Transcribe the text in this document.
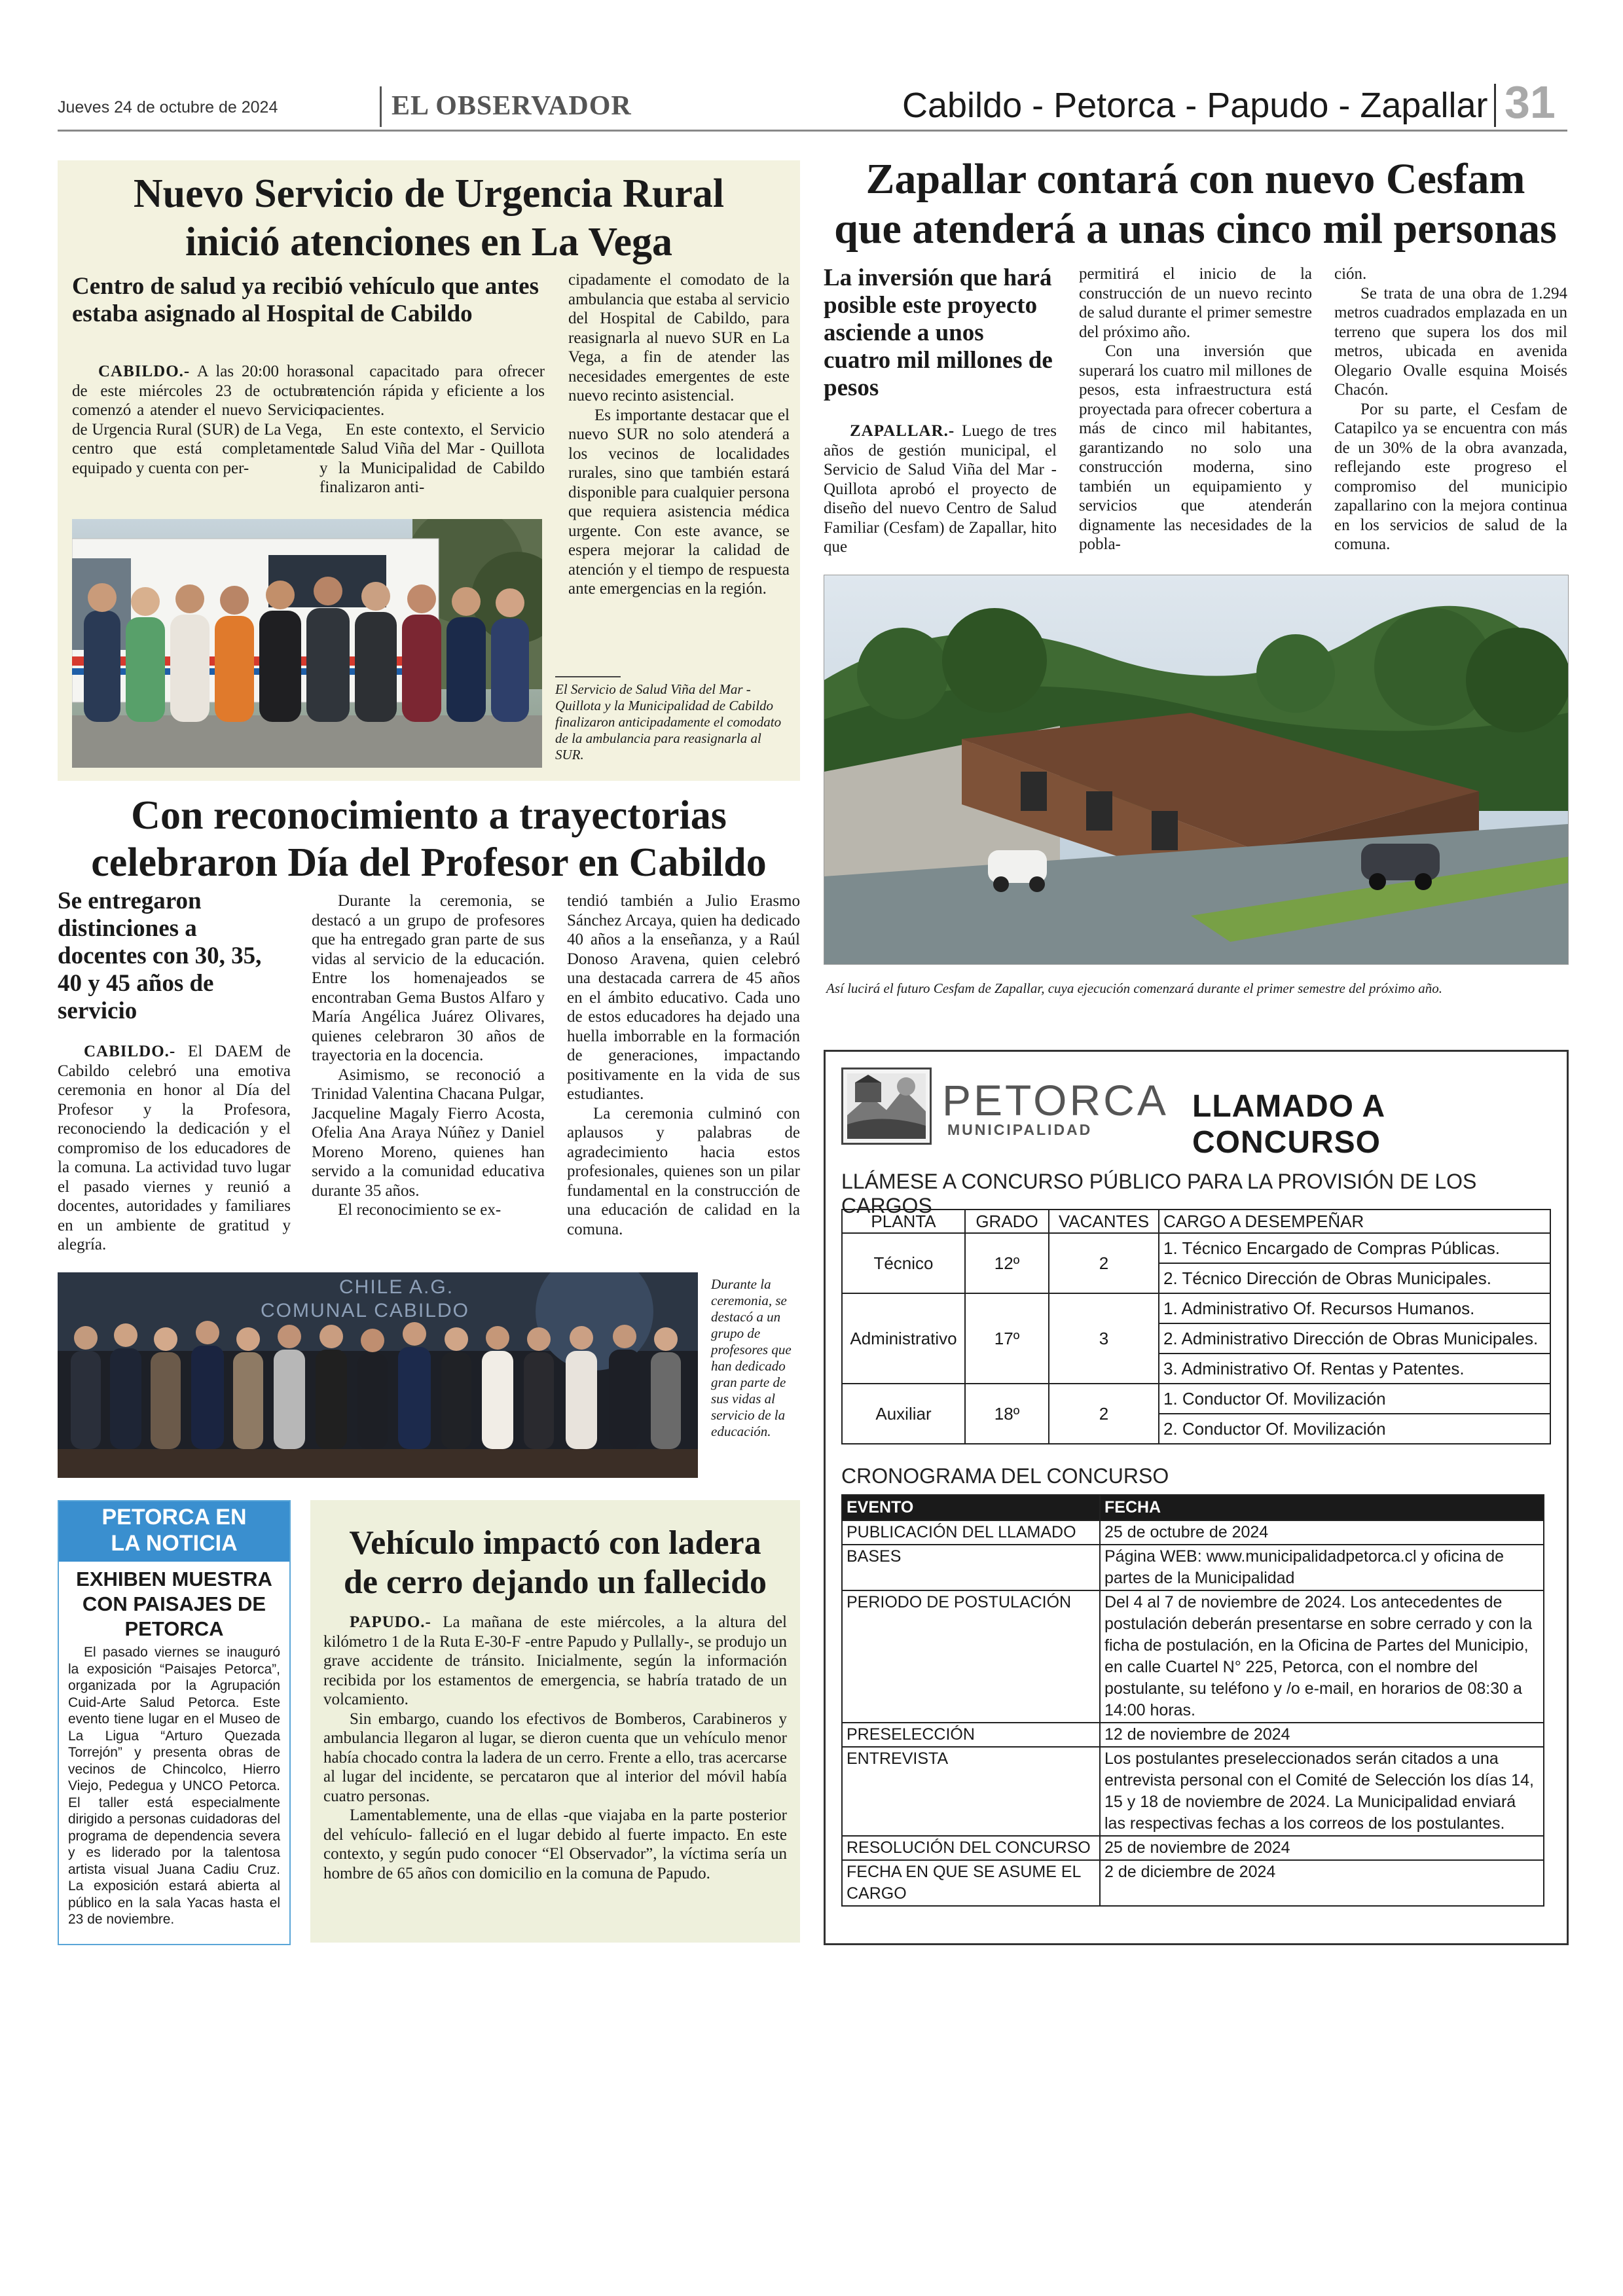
Jueves 24 de octubre de 2024	EL OBSERVADOR	Cabildo - Petorca - Papudo - Zapallar 31
Nuevo Servicio de Urgencia Rural
inició atenciones en La Vega
Centro de salud ya recibió vehículo que antes estaba asignado al Hospital de Cabildo

CABILDO.- A las 20:00 horas de este miércoles 23 de octubre comenzó a atender el nuevo Servicio de Urgencia Rural (SUR) de La Vega, centro que está completamente equipado y cuenta con per-

sonal capacitado para ofrecer atención rápida y eficiente a los pacientes.

En este contexto, el Servicio de Salud Viña del Mar - Quillota y la Municipalidad de Cabildo finalizaron anti-

cipadamente el comodato de la ambulancia que estaba al servicio del Hospital de Cabildo, para reasignarla al nuevo SUR en La Vega, a fin de atender las necesidades emergentes de este nuevo recinto asistencial.

Es importante destacar que el nuevo SUR no solo atenderá a los vecinos de localidades rurales, sino que también estará disponible para cualquier persona que requiera asistencia médica urgente. Con este avance, se espera mejorar la calidad de atención y el tiempo de respuesta ante emergencias en la región.

El Servicio de Salud Viña del Mar - Quillota y la Municipalidad de Cabildo finalizaron anticipadamente el comodato de la ambulancia para reasignarla al SUR.
Zapallar contará con nuevo Cesfam
que atenderá a unas cinco mil personas
La inversión que hará posible este proyecto asciende a unos cuatro mil millones de pesos

ZAPALLAR.- Luego de tres años de gestión municipal, el Servicio de Salud Viña del Mar - Quillota aprobó el proyecto de diseño del nuevo Centro de Salud Familiar (Cesfam) de Zapallar, hito que

permitirá el inicio de la construcción de un nuevo recinto de salud durante el primer semestre del próximo año.

Con una inversión que superará los cuatro mil millones de pesos, esta infraestructura está proyectada para ofrecer cobertura a más de cinco mil habitantes, garantizando no solo una construcción moderna, sino también un equipamiento y servicios que atenderán dignamente las necesidades de la pobla-

ción.

Se trata de una obra de 1.294 metros cuadrados emplazada en un terreno que supera los dos mil metros, ubicada en avenida Olegario Ovalle esquina Moisés Chacón.

Por su parte, el Cesfam de Catapilco ya se encuentra con más de un 30% de la obra avanzada, reflejando este progreso el compromiso del municipio zapallarino con la mejora continua en los servicios de salud de la comuna.

Así lucirá el futuro Cesfam de Zapallar, cuya ejecución comenzará durante el primer semestre del próximo año.
Con reconocimiento a trayectorias
celebraron Día del Profesor en Cabildo
Se entregaron distinciones a docentes con 30, 35, 40 y 45 años de servicio

CABILDO.- El DAEM de Cabildo celebró una emotiva ceremonia en honor al Día del Profesor y la Profesora, reconociendo la dedicación y el compromiso de los educadores de la comuna. La actividad tuvo lugar el pasado viernes y reunió a docentes, autoridades y familiares en un ambiente de gratitud y alegría.

Durante la ceremonia, se destacó a un grupo de profesores que ha entregado gran parte de sus vidas al servicio de la educación. Entre los homenajeados se encontraban Gema Bustos Alfaro y María Angélica Juárez Olivares, quienes celebraron 30 años de trayectoria en la docencia.

Asimismo, se reconoció a Trinidad Valentina Chacana Pulgar, Jacqueline Magaly Fierro Acosta, Ofelia Ana Araya Núñez y Daniel Moreno Moreno, quienes han servido a la comunidad educativa durante 35 años.

El reconocimiento se ex-

tendió también a Julio Erasmo Sánchez Arcaya, quien ha dedicado 40 años a la enseñanza, y a Raúl Donoso Aravena, quien celebró una destacada carrera de 45 años en el ámbito educativo. Cada uno de estos educadores ha dejado una huella imborrable en la formación de generaciones, impactando positivamente en la vida de sus estudiantes.

La ceremonia culminó con aplausos y palabras de agradecimiento hacia estos profesionales, quienes son un pilar fundamental en la construcción de una educación de calidad en la comuna.

CHILE A.G.
COMUNAL CABILDO
Durante la ceremonia, se destacó a un grupo de profesores que han dedicado gran parte de sus vidas al servicio de la educación.
PETORCA EN
LA NOTICIA
EXHIBEN MUESTRA CON PAISAJES DE PETORCA
El pasado viernes se inauguró la exposición “Paisajes Petorca”, organizada por la Agrupación Cuid-Arte Salud Petorca. Este evento tiene lugar en el Museo de La Ligua “Arturo Quezada Torrejón” y presenta obras de vecinos de Chincolco, Hierro Viejo, Pedegua y UNCO Petorca. El taller está especialmente dirigido a personas cuidadoras del programa de dependencia severa y es liderado por la talentosa artista visual Juana Cadiu Cruz. La exposición estará abierta al público en la sala Yacas hasta el 23 de noviembre.
Vehículo impactó con ladera
de cerro dejando un fallecido

PAPUDO.- La mañana de este miércoles, a la altura del kilómetro 1 de la Ruta E-30-F -entre Papudo y Pullally-, se produjo un grave accidente de tránsito. Inicialmente, según la información recibida por los estamentos de emergencia, se habría tratado de un volcamiento.

Sin embargo, cuando los efectivos de Bomberos, Carabineros y ambulancia llegaron al lugar, se dieron cuenta que un vehículo menor había chocado contra la ladera de un cerro. Frente a ello, tras acercarse al lugar del incidente, se percataron que al interior del móvil había cuatro personas.

Lamentablemente, una de ellas -que viajaba en la parte posterior del vehículo- falleció en el lugar debido al fuerte impacto. En este contexto, y según pudo conocer “El Observador”, la víctima sería un hombre de 65 años con domicilio en la comuna de Papudo.

PETORCA
MUNICIPALIDAD
LLAMADO A CONCURSO
LLÁMESE A CONCURSO PÚBLICO PARA LA PROVISIÓN DE LOS CARGOS
PLANTA	GRADO	VACANTES	CARGO A DESEMPEÑAR
Técnico	12º	2	1. Técnico Encargado de Compras Públicas.
			2. Técnico Dirección de Obras Municipales.
Administrativo	17º	3	1. Administrativo Of. Recursos Humanos.
			2. Administrativo Dirección de Obras Municipales.
			3. Administrativo Of. Rentas y Patentes.
Auxiliar	18º	2	1. Conductor Of. Movilización
			2. Conductor Of. Movilización
CRONOGRAMA DEL CONCURSO
EVENTO	FECHA
PUBLICACIÓN DEL LLAMADO	25 de octubre de 2024
BASES	Página WEB: www.municipalidadpetorca.cl y oficina de partes de la Municipalidad
PERIODO DE POSTULACIÓN	Del 4 al 7 de noviembre de 2024. Los antecedentes de postulación deberán presentarse en sobre cerrado y con la ficha de postulación, en la Oficina de Partes del Municipio, en calle Cuartel N° 225, Petorca, con el nombre del postulante, su teléfono y /o e-mail, en horarios de 08:30 a 14:00 horas.
PRESELECCIÓN	12 de noviembre de 2024
ENTREVISTA	Los postulantes preseleccionados serán citados a una entrevista personal con el Comité de Selección los días 14, 15 y 18 de noviembre de 2024. La Municipalidad enviará las respectivas fechas a los correos de los postulantes.
RESOLUCIÓN DEL CONCURSO	25 de noviembre de 2024
FECHA EN QUE SE ASUME EL CARGO	2 de diciembre de 2024
